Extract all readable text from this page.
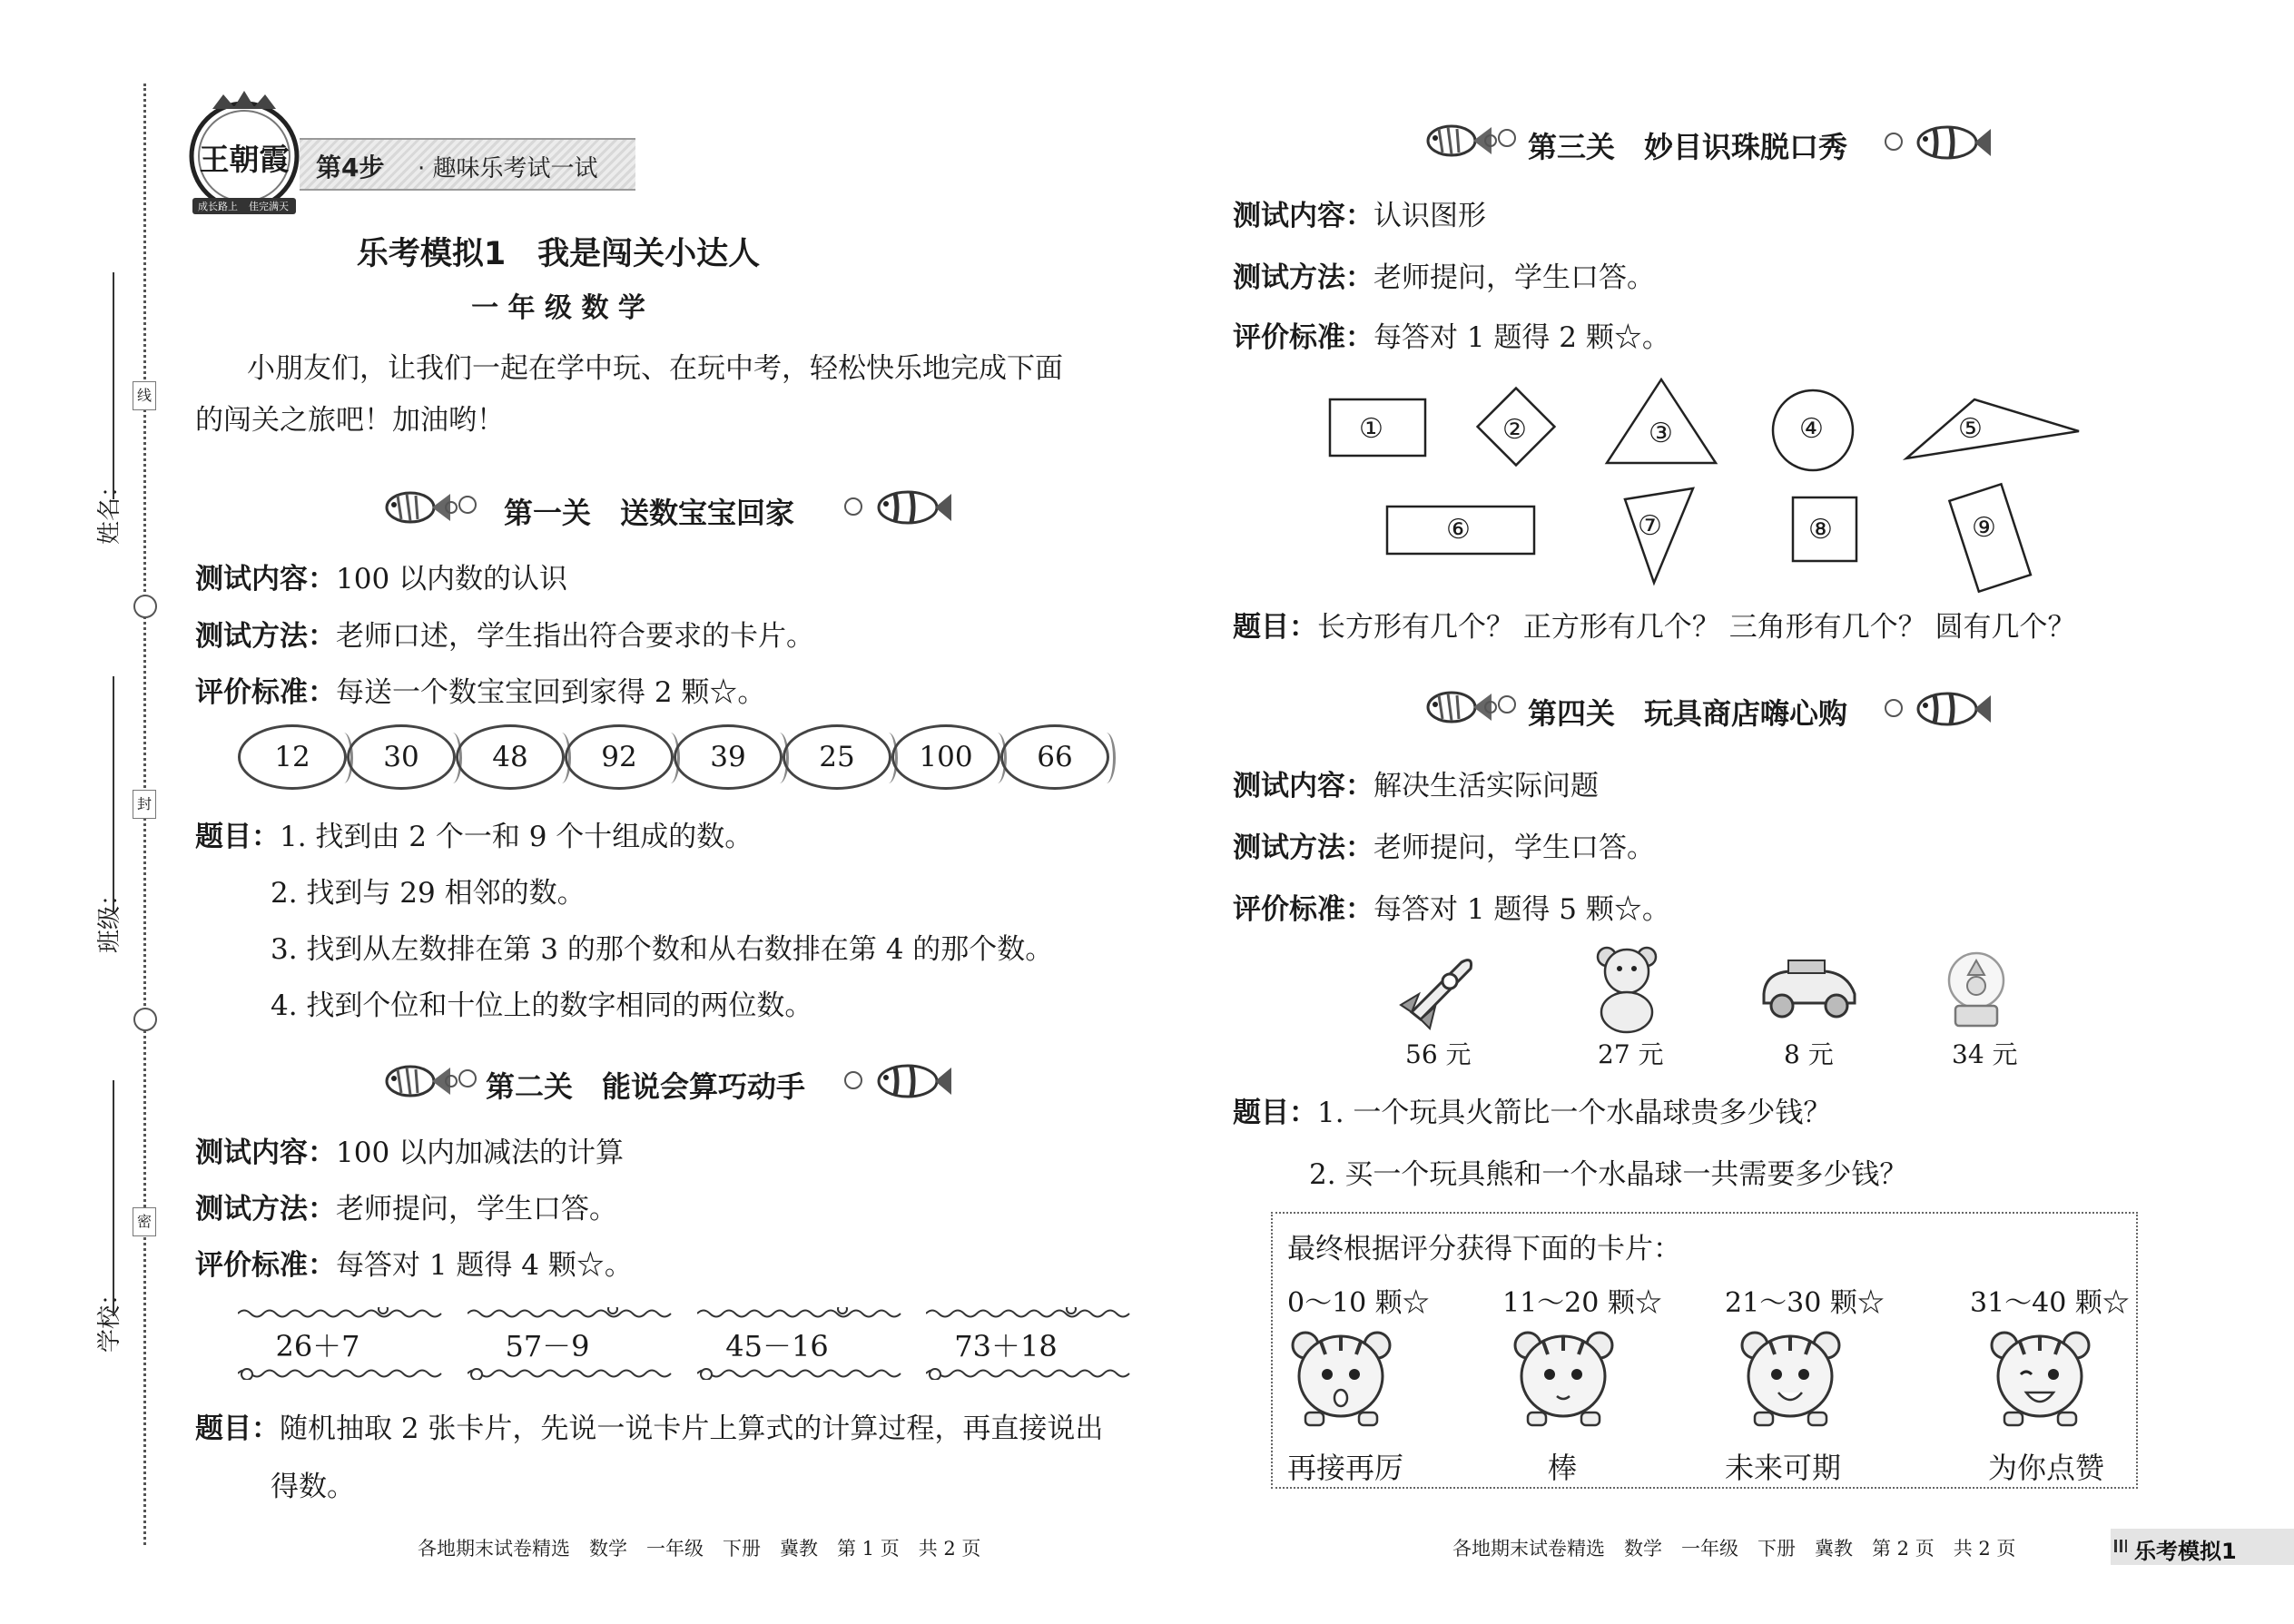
姓名：
班级：
学校：
线
封
密
王朝霞
成长路上 佳完满天
第4步 · 趣味乐考试一试
乐考模拟1　我是闯关小达人
一 年 级 数 学
小朋友们，让我们一起在学中玩、在玩中考，轻松快乐地完成下面
的闯关之旅吧！加油哟！
第一关　送数宝宝回家
测试内容：100 以内数的认识
测试方法：老师口述，学生指出符合要求的卡片。
评价标准：每送一个数宝宝回到家得 2 颗☆。
12	30	48	92	39	25 100 66
题目：1. 找到由 2 个一和 9 个十组成的数。
2. 找到与 29 相邻的数。
3. 找到从左数排在第 3 的那个数和从右数排在第 4 的那个数。
4. 找到个位和十位上的数字相同的两位数。
第二关　能说会算巧动手
测试内容：100 以内加减法的计算
测试方法：老师提问，学生口答。
评价标准：每答对 1 题得 4 颗☆。
26＋7	57－9	45－16	73＋18
题目：随机抽取 2 张卡片，先说一说卡片上算式的计算过程，再直接说出
得数。
各地期末试卷精选　数学　一年级　下册　冀教　第 1 页　共 2 页
第三关　妙目识珠脱口秀
测试内容：认识图形
测试方法：老师提问，学生口答。
评价标准：每答对 1 题得 2 颗☆。
①	②	③	④	⑤
⑥	⑦	⑧	⑨
题目：长方形有几个？ 正方形有几个？ 三角形有几个？ 圆有几个？
第四关　玩具商店嗨心购
测试内容：解决生活实际问题
测试方法：老师提问，学生口答。
评价标准：每答对 1 题得 5 颗☆。
56 元	27 元	8 元	34 元
题目：1. 一个玩具火箭比一个水晶球贵多少钱？
2. 买一个玩具熊和一个水晶球一共需要多少钱？
最终根据评分获得下面的卡片：
0～10 颗☆	11～20 颗☆ 21～30 颗☆	31～40 颗☆
再接再厉	棒	未来可期	为你点赞
各地期末试卷精选　数学　一年级　下册　冀教　第 2 页　共 2 页	乐考模拟1
